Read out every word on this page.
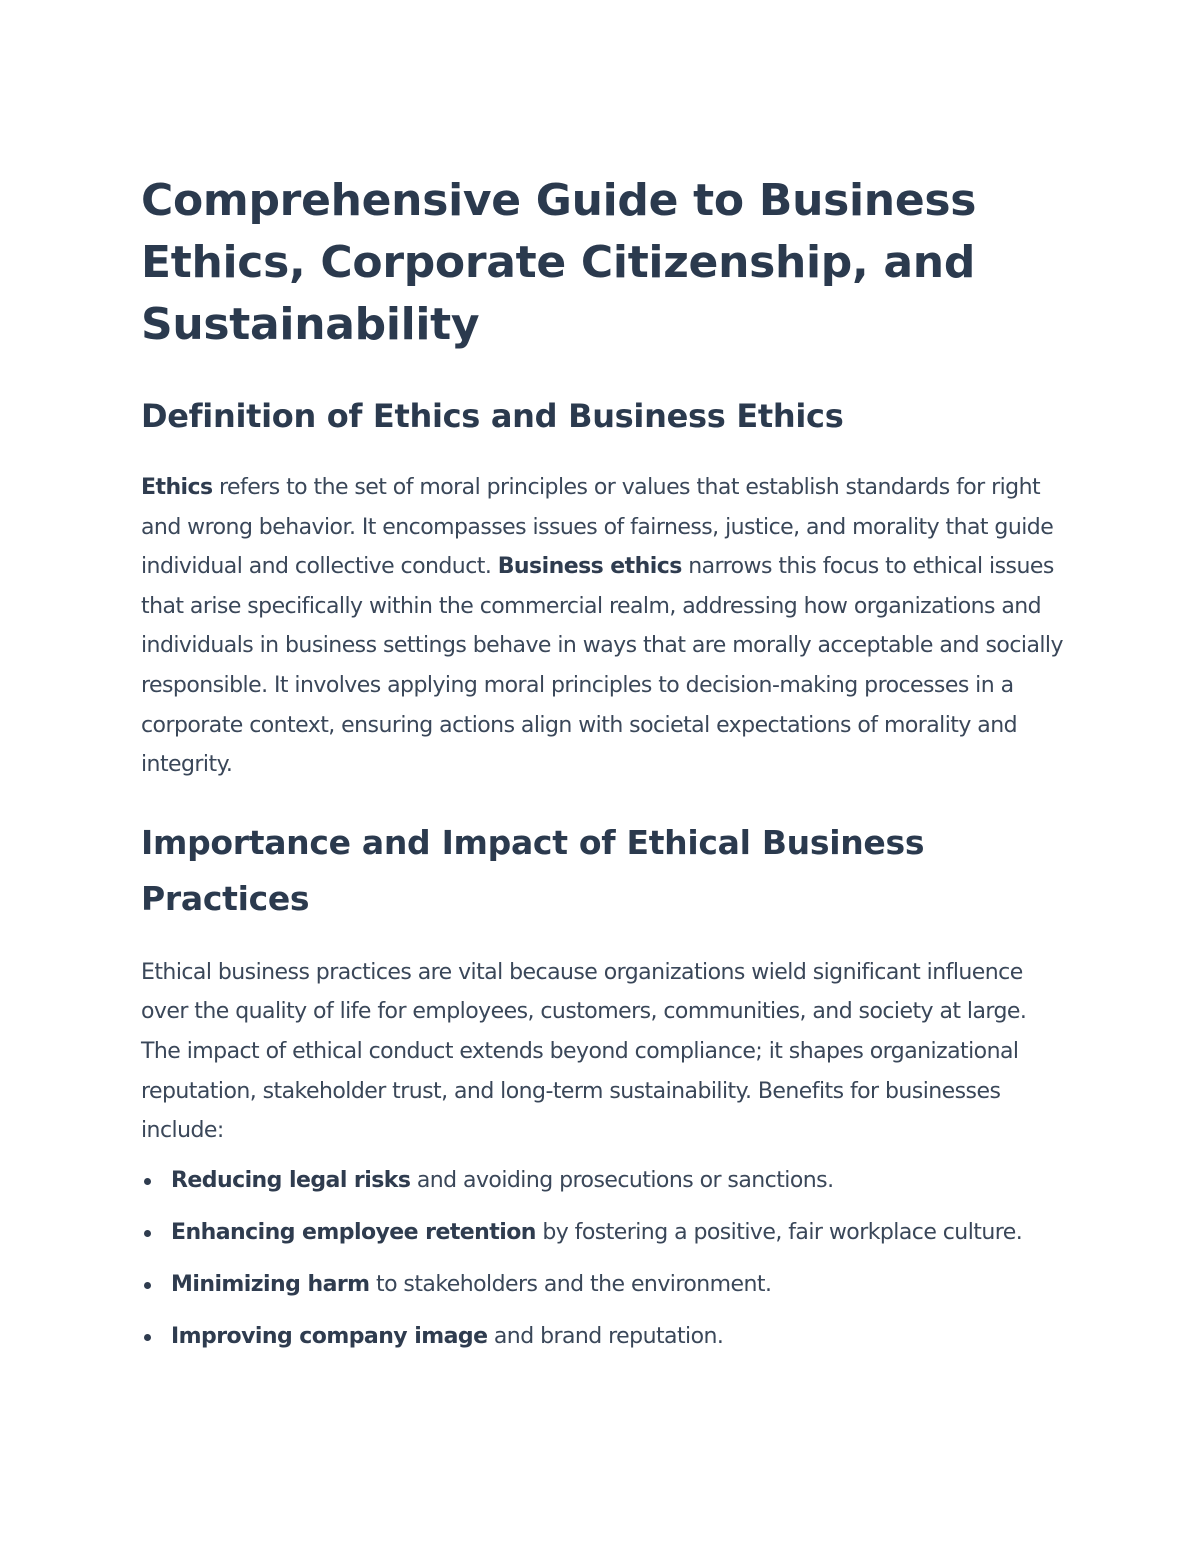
Comprehensive Guide to Business Ethics, Corporate Citizenship, and Sustainability
Definition of Ethics and Business Ethics

Ethics refers to the set of moral principles or values that establish standards for right and wrong behavior. It encompasses issues of fairness, justice, and morality that guide individual and collective conduct. Business ethics narrows this focus to ethical issues that arise specifically within the commercial realm, addressing how organizations and individuals in business settings behave in ways that are morally acceptable and socially responsible. It involves applying moral principles to decision-making processes in a corporate context, ensuring actions align with societal expectations of morality and integrity.

Importance and Impact of Ethical Business Practices

Ethical business practices are vital because organizations wield significant influence over the quality of life for employees, customers, communities, and society at large. The impact of ethical conduct extends beyond compliance; it shapes organizational reputation, stakeholder trust, and long-term sustainability. Benefits for businesses include:

Reducing legal risks and avoiding prosecutions or sanctions.
Enhancing employee retention by fostering a positive, fair workplace culture.
Minimizing harm to stakeholders and the environment.
Improving company image and brand reputation.
